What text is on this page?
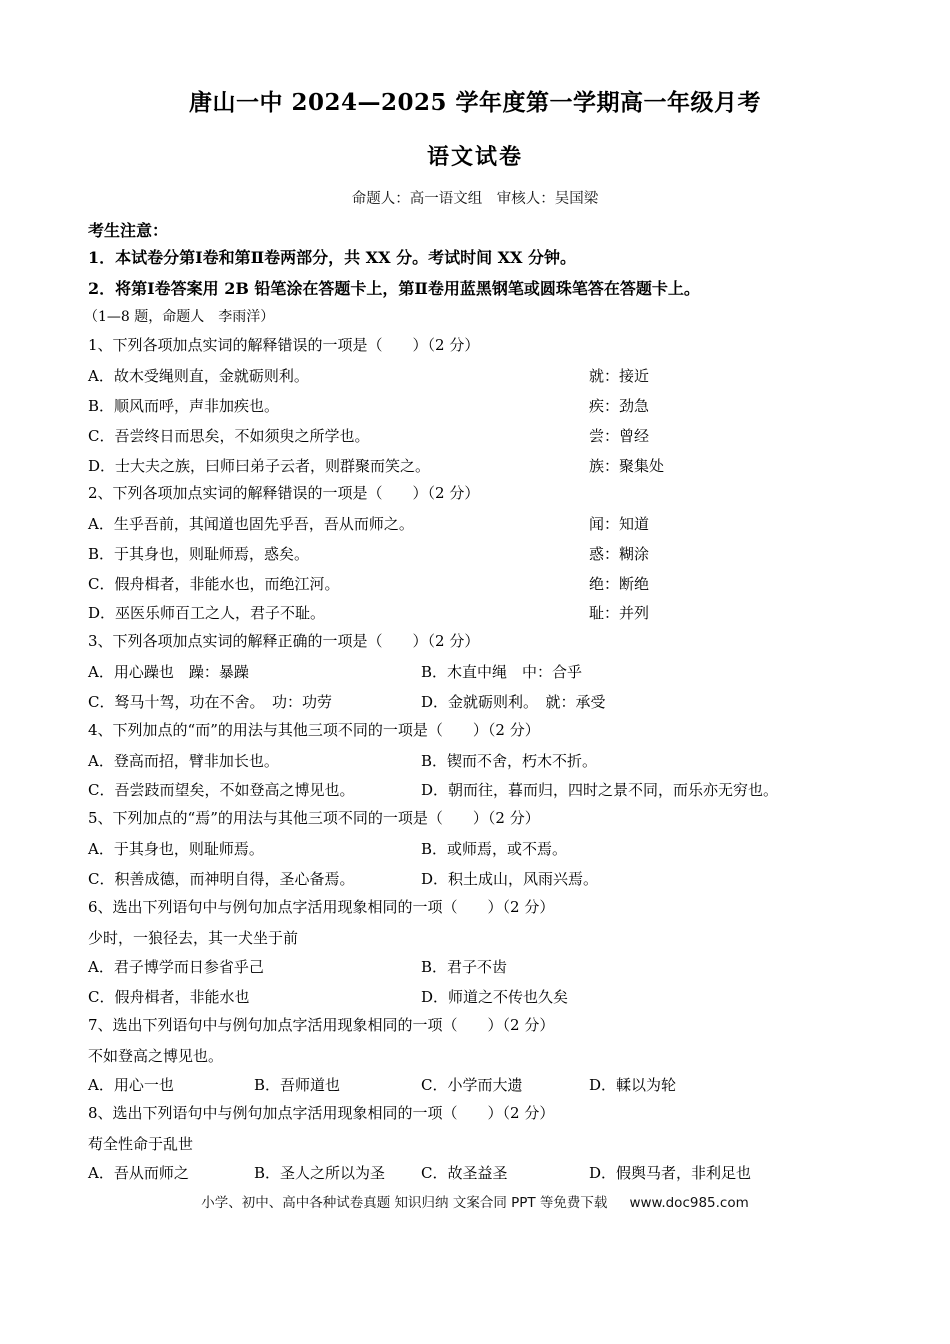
唐山一中 2024—2025 学年度第一学期高一年级月考
语文试卷
命题人：高一语文组　审核人：吴国梁
考生注意：
1．本试卷分第Ⅰ卷和第Ⅱ卷两部分，共 XX 分。考试时间 XX 分钟。
2．将第Ⅰ卷答案用 2B 铅笔涂在答题卡上，第Ⅱ卷用蓝黑钢笔或圆珠笔答在答题卡上。
（1—8 题，命题人　李雨洋）
1、下列各项加点实词的解释错误的一项是（　　）（2 分）
A．故木受绳则直，金就砺则利。	就：接近
B．顺风而呼，声非加疾也。	疾：劲急
C．吾尝终日而思矣，不如须臾之所学也。	尝：曾经
D．士大夫之族，曰师曰弟子云者，则群聚而笑之。	族：聚集处
2、下列各项加点实词的解释错误的一项是（　　）（2 分）
A．生乎吾前，其闻道也固先乎吾，吾从而师之。	闻：知道
B．于其身也，则耻师焉，惑矣。	惑：糊涂
C．假舟楫者，非能水也，而绝江河。	绝：断绝
D．巫医乐师百工之人，君子不耻。	耻：并列
3、下列各项加点实词的解释正确的一项是（　　）（2 分）
A．用心躁也　躁：暴躁	B．木直中绳　中：合乎
C．驽马十驾，功在不舍。　功：功劳	D．金就砺则利。　就：承受
4、下列加点的“而”的用法与其他三项不同的一项是（　　）（2 分）
A．登高而招，臂非加长也。	B．锲而不舍，朽木不折。
C．吾尝跂而望矣，不如登高之博见也。	D．朝而往，暮而归，四时之景不同，而乐亦无穷也。
5、下列加点的“焉”的用法与其他三项不同的一项是（　　）（2 分）
A．于其身也，则耻师焉。	B．或师焉，或不焉。
C．积善成德，而神明自得，圣心备焉。	D．积土成山，风雨兴焉。
6、选出下列语句中与例句加点字活用现象相同的一项（　　）（2 分）
少时，一狼径去，其一犬坐于前
A．君子博学而日参省乎己	B．君子不齿
C．假舟楫者，非能水也	D．师道之不传也久矣
7、选出下列语句中与例句加点字活用现象相同的一项（　　）（2 分）
不如登高之博见也。
A．用心一也	B．吾师道也	C．小学而大遗	D．輮以为轮
8、选出下列语句中与例句加点字活用现象相同的一项（　　）（2 分）
苟全性命于乱世
A．吾从而师之	B．圣人之所以为圣 C．故圣益圣	D．假舆马者，非利足也
小学、初中、高中各种试卷真题 知识归纳 文案合同 PPT 等免费下载 www.doc985.com
